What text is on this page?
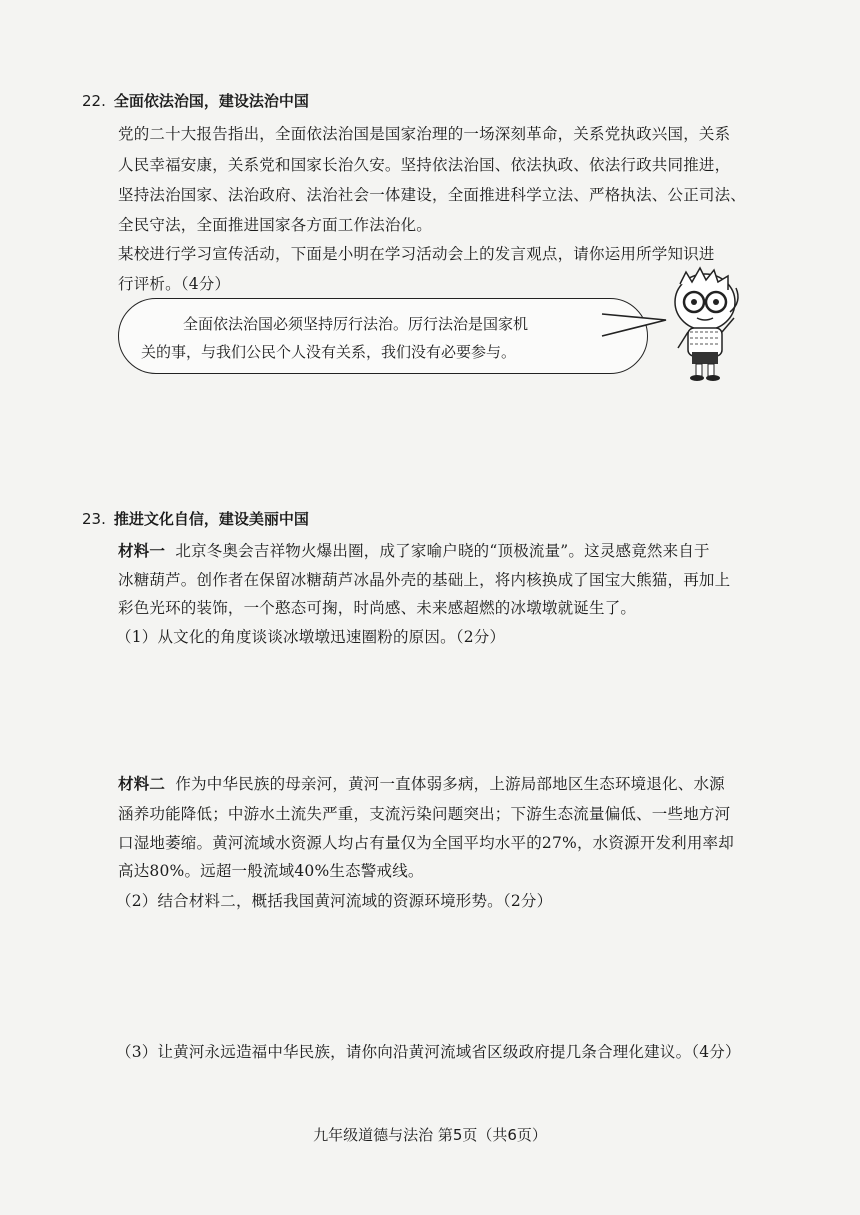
22. 全面依法治国，建设法治中国
党的二十大报告指出，全面依法治国是国家治理的一场深刻革命，关系党执政兴国，关系
人民幸福安康，关系党和国家长治久安。坚持依法治国、依法执政、依法行政共同推进，
坚持法治国家、法治政府、法治社会一体建设，全面推进科学立法、严格执法、公正司法、
全民守法，全面推进国家各方面工作法治化。
某校进行学习宣传活动，下面是小明在学习活动会上的发言观点，请你运用所学知识进
行评析。（4分）
全面依法治国必须坚持厉行法治。厉行法治是国家机
关的事，与我们公民个人没有关系，我们没有必要参与。
23. 推进文化自信，建设美丽中国
材料一 北京冬奥会吉祥物火爆出圈，成了家喻户晓的“顶极流量”。这灵感竟然来自于
冰糖葫芦。创作者在保留冰糖葫芦冰晶外壳的基础上，将内核换成了国宝大熊猫，再加上
彩色光环的装饰，一个憨态可掬，时尚感、未来感超燃的冰墩墩就诞生了。
（1）从文化的角度谈谈冰墩墩迅速圈粉的原因。（2分）
材料二 作为中华民族的母亲河，黄河一直体弱多病，上游局部地区生态环境退化、水源
涵养功能降低；中游水土流失严重，支流污染问题突出；下游生态流量偏低、一些地方河
口湿地萎缩。黄河流域水资源人均占有量仅为全国平均水平的27%，水资源开发利用率却
高达80%。远超一般流域40%生态警戒线。
（2）结合材料二，概括我国黄河流域的资源环境形势。（2分）
（3）让黄河永远造福中华民族，请你向沿黄河流域省区级政府提几条合理化建议。（4分）
九年级道德与法治 第5页（共6页）
